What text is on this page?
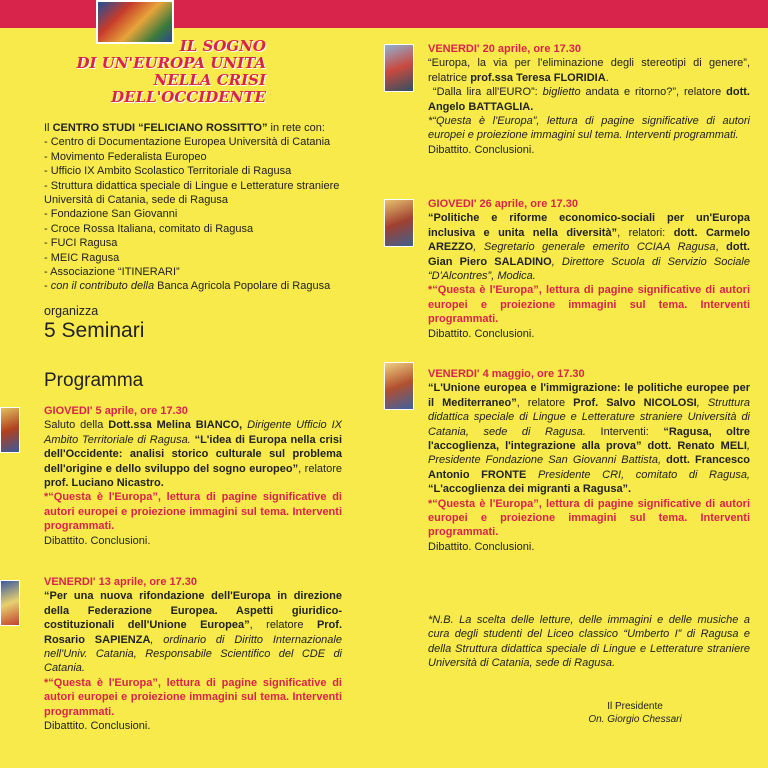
IL SOGNO
DI UN'EUROPA UNITA
NELLA CRISI
DELL'OCCIDENTE
Il CENTRO STUDI “FELICIANO ROSSITTO” in rete con:
- Centro di Documentazione Europea Università di Catania
- Movimento Federalista Europeo
- Ufficio IX Ambito Scolastico Territoriale di Ragusa
- Struttura didattica speciale di Lingue e Letterature straniere Università di Catania, sede di Ragusa
- Fondazione San Giovanni
- Croce Rossa Italiana, comitato di Ragusa
- FUCI Ragusa
- MEIC Ragusa
- Associazione “ITINERARI”
- con il contributo della Banca Agricola Popolare di Ragusa
organizza
5 Seminari
Programma
GIOVEDI' 5 aprile, ore 17.30
Saluto della Dott.ssa Melina BIANCO, Dirigente Ufficio IX Ambito Territoriale di Ragusa. “L'idea di Europa nella crisi dell'Occidente: analisi storico culturale sul problema dell'origine e dello sviluppo del sogno europeo”, relatore prof. Luciano Nicastro.
*“Questa è l'Europa”, lettura di pagine significative di autori europei e proiezione immagini sul tema. Interventi programmati.
Dibattito. Conclusioni.
VENERDI' 13 aprile, ore 17.30
“Per una nuova rifondazione dell'Europa in direzione della Federazione Europea. Aspetti giuridico-costituzionali dell'Unione Europea”, relatore Prof. Rosario SAPIENZA, ordinario di Diritto Internazionale nell'Univ. Catania, Responsabile Scientifico del CDE di Catania.
*“Questa è l'Europa”, lettura di pagine significative di autori europei e proiezione immagini sul tema. Interventi programmati.
Dibattito. Conclusioni.
VENERDI' 20 aprile, ore 17.30
“Europa, la via per l'eliminazione degli stereotipi di genere”, relatrice prof.ssa Teresa FLORIDIA.
“Dalla lira all'EURO”: biglietto andata e ritorno?”, relatore dott. Angelo BATTAGLIA.
*“Questa è l'Europa”, lettura di pagine significative di autori europei e proiezione immagini sul tema. Interventi programmati.
Dibattito. Conclusioni.
GIOVEDI' 26 aprile, ore 17.30
“Politiche e riforme economico-sociali per un'Europa inclusiva e unita nella diversità”, relatori: dott. Carmelo AREZZO, Segretario generale emerito CCIAA Ragusa, dott. Gian Piero SALADINO, Direttore Scuola di Servizio Sociale “D'Alcontres”, Modica.
*“Questa è l'Europa”, lettura di pagine significative di autori europei e proiezione immagini sul tema. Interventi programmati.
Dibattito. Conclusioni.
VENERDI' 4 maggio, ore 17.30
“L'Unione europea e l'immigrazione: le politiche europee per il Mediterraneo”, relatore Prof. Salvo NICOLOSI, Struttura didattica speciale di Lingue e Letterature straniere Università di Catania, sede di Ragusa. Interventi: “Ragusa, oltre l'accoglienza, l'integrazione alla prova” dott. Renato MELI, Presidente Fondazione San Giovanni Battista, dott. Francesco Antonio FRONTE Presidente CRI, comitato di Ragusa, “L'accoglienza dei migranti a Ragusa”.
*“Questa è l'Europa”, lettura di pagine significative di autori europei e proiezione immagini sul tema. Interventi programmati.
Dibattito. Conclusioni.
*N.B. La scelta delle letture, delle immagini e delle musiche a cura degli studenti del Liceo classico “Umberto I” di Ragusa e della Struttura didattica speciale di Lingue e Letterature straniere Università di Catania, sede di Ragusa.
Il Presidente
On. Giorgio Chessari
